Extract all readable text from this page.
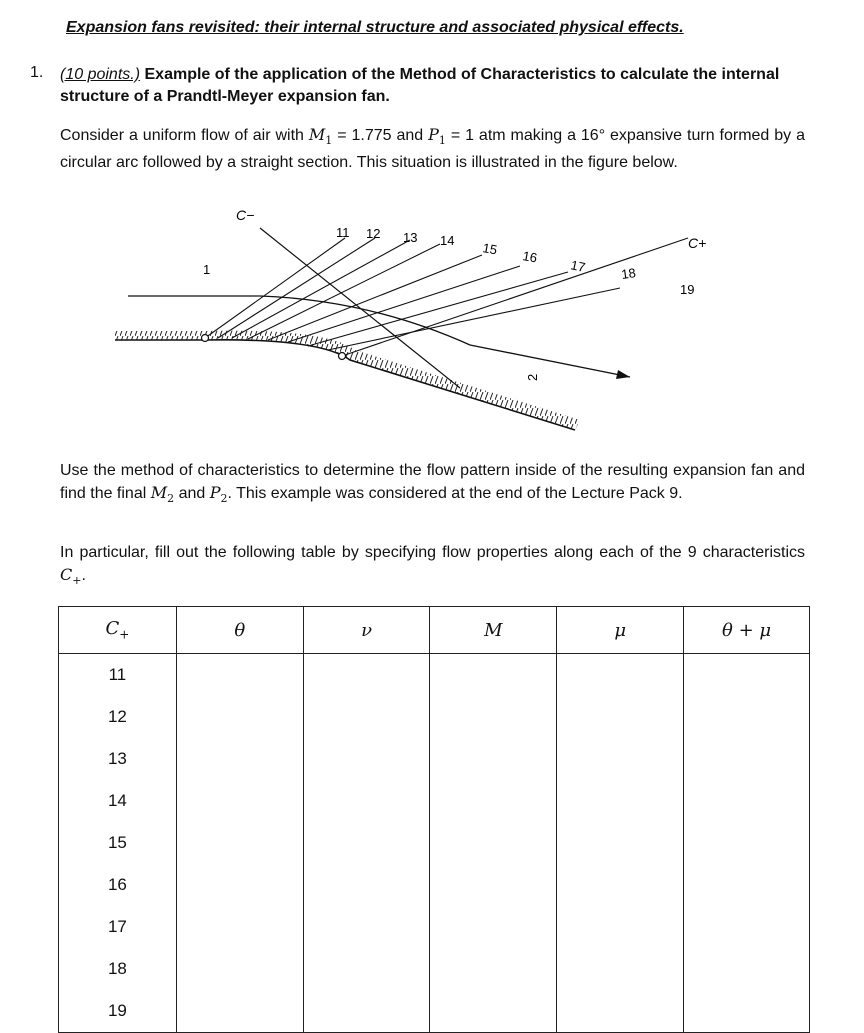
Expansion fans revisited: their internal structure and associated physical effects.
1. (10 points.) Example of the application of the Method of Characteristics to calculate the internal structure of a Prandtl-Meyer expansion fan.
Consider a uniform flow of air with $M_1 = 1.775$ and $P_1 = 1$ atm making a 16° expansive turn formed by a circular arc followed by a straight section. This situation is illustrated in the figure below.
C−
C+
1
2
11 12 13 14 15 16
17	18
19
Use the method of characteristics to determine the flow pattern inside of the resulting expansion fan and find the final $M_2$ and $P_2$. This example was considered at the end of the Lecture Pack 9.
In particular, fill out the following table by specifying flow properties along each of the 9 characteristics $C_+$.
$C_+$	θ	ν	M	μ	θ + μ
11					
12					
13					
14					
15					
16					
17					
18					
19					
